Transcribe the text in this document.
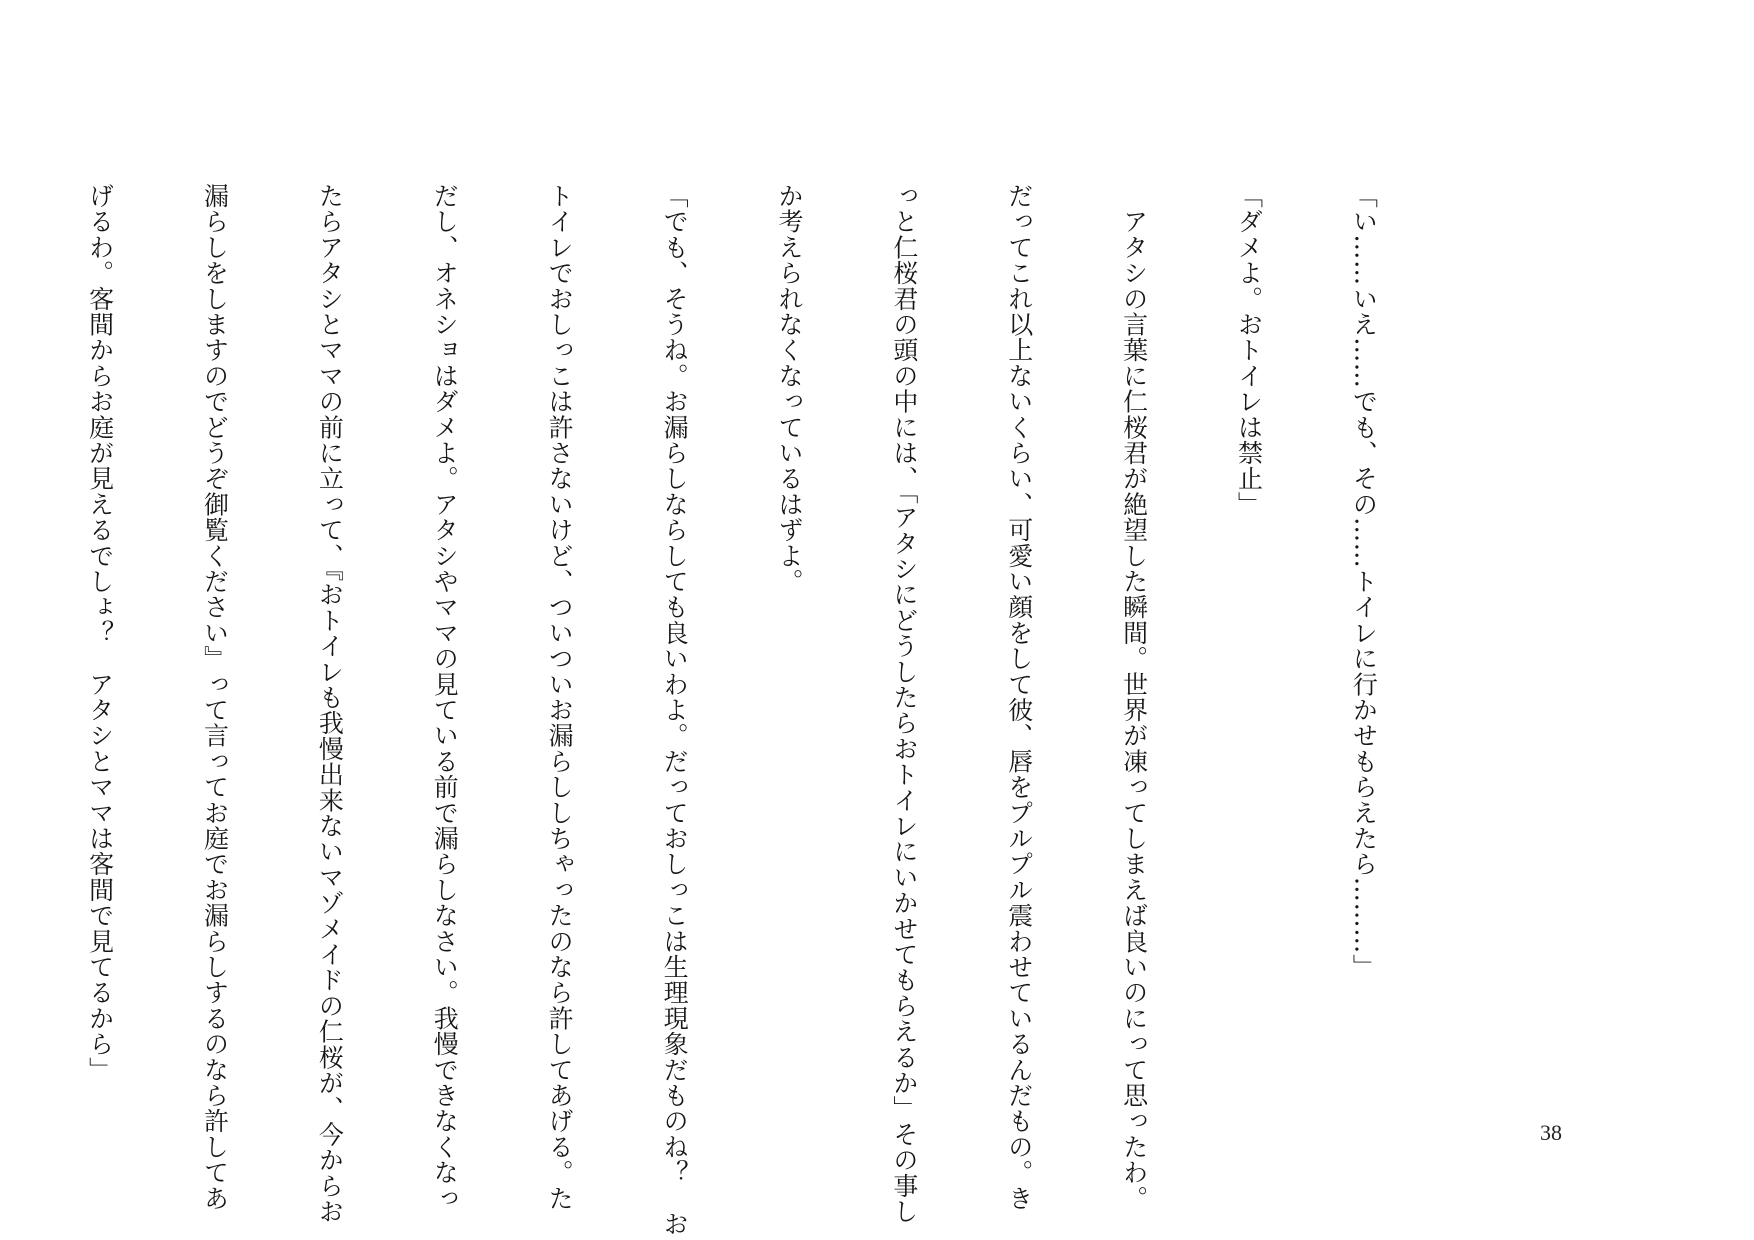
「い……いえ……でも、その……トイレに行かせもらえたら………」

「ダメよ。おトイレは禁止」

　アタシの言葉に仁桜君が絶望した瞬間。世界が凍ってしまえば良いのにって思ったわ。

だってこれ以上ないくらい、可愛い顔をして彼、唇をプルプル震わせているんだもの。き

っと仁桜君の頭の中には、「アタシにどうしたらおトイレにいかせてもらえるか」その事し

か考えられなくなっているはずよ。

「でも、そうね。お漏らしならしても良いわよ。だっておしっこは生理現象だものね？　お

トイレでおしっこは許さないけど、ついついお漏らししちゃったのなら許してあげる。た

だし、オネショはダメよ。アタシやママの見ている前で漏らしなさい。我慢できなくなっ

たらアタシとママの前に立って、『おトイレも我慢出来ないマゾメイドの仁桜が、今からお

漏らしをしますのでどうぞ御覧ください』って言ってお庭でお漏らしするのなら許してあ

げるわ。客間からお庭が見えるでしょ？　アタシとママは客間で見てるから」

38
